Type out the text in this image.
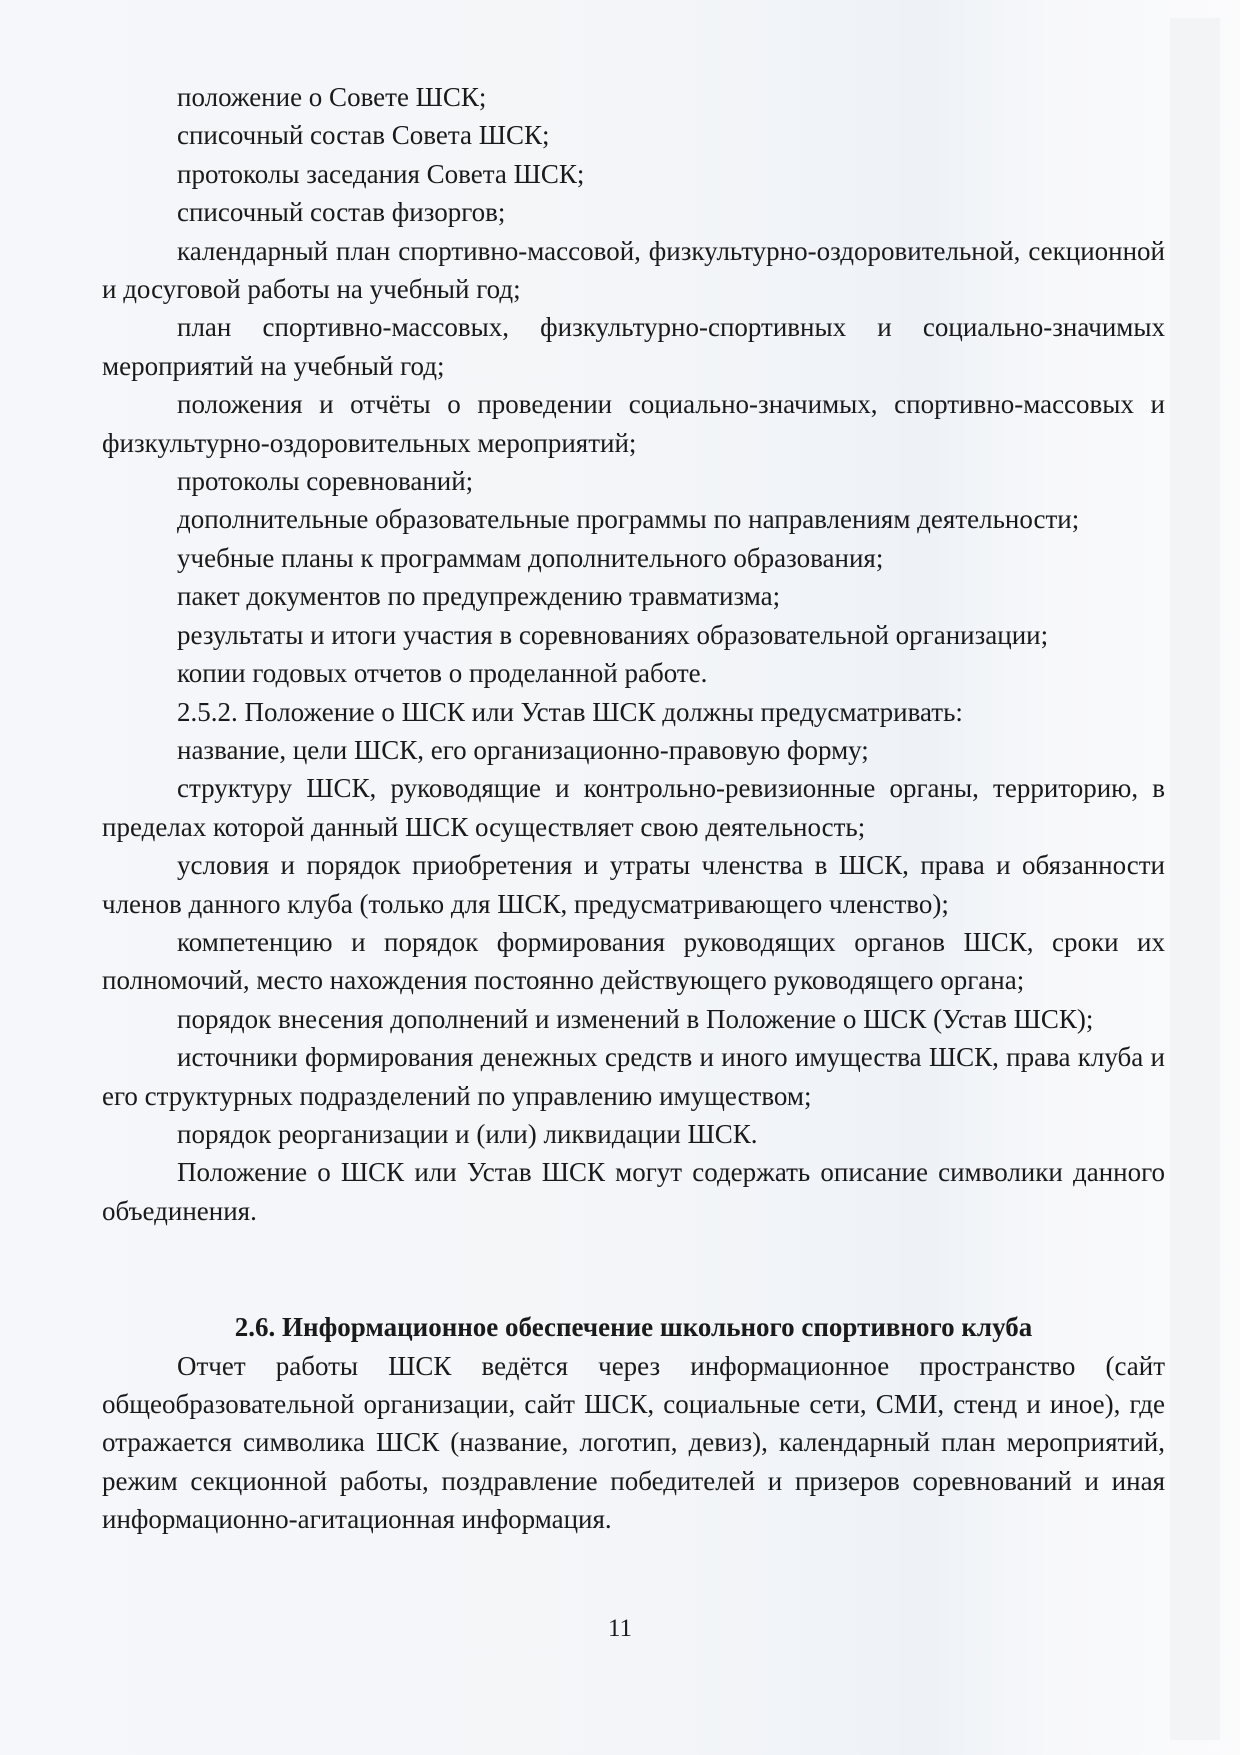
положение о Совете ШСК;

списочный состав Совета ШСК;

протоколы заседания Совета ШСК;

списочный состав физоргов;

календарный план спортивно-массовой, физкультурно-оздоровительной, секционной и досуговой работы на учебный год;

план спортивно-массовых, физкультурно-спортивных и социально-значимых мероприятий на учебный год;

положения и отчёты о проведении социально-значимых, спортивно-массовых и физкультурно-оздоровительных мероприятий;

протоколы соревнований;

дополнительные образовательные программы по направлениям деятельности;

учебные планы к программам дополнительного образования;

пакет документов по предупреждению травматизма;

результаты и итоги участия в соревнованиях образовательной организации;

копии годовых отчетов о проделанной работе.

2.5.2. Положение о ШСК или Устав ШСК должны предусматривать:

название, цели ШСК, его организационно-правовую форму;

структуру ШСК, руководящие и контрольно-ревизионные органы, территорию, в пределах которой данный ШСК осуществляет свою деятельность;

условия и порядок приобретения и утраты членства в ШСК, права и обязанности членов данного клуба (только для ШСК, предусматривающего членство);

компетенцию и порядок формирования руководящих органов ШСК, сроки их полномочий, место нахождения постоянно действующего руководящего органа;

порядок внесения дополнений и изменений в Положение о ШСК (Устав ШСК);

источники формирования денежных средств и иного имущества ШСК, права клуба и его структурных подразделений по управлению имуществом;

порядок реорганизации и (или) ликвидации ШСК.

Положение о ШСК или Устав ШСК могут содержать описание символики данного объединения.

2.6. Информационное обеспечение школьного спортивного клуба

Отчет работы ШСК ведётся через информационное пространство (сайт общеобразовательной организации, сайт ШСК, социальные сети, СМИ, стенд и иное), где отражается символика ШСК (название, логотип, девиз), календарный план мероприятий, режим секционной работы, поздравление победителей и призеров соревнований и иная информационно-агитационная информация.

11
